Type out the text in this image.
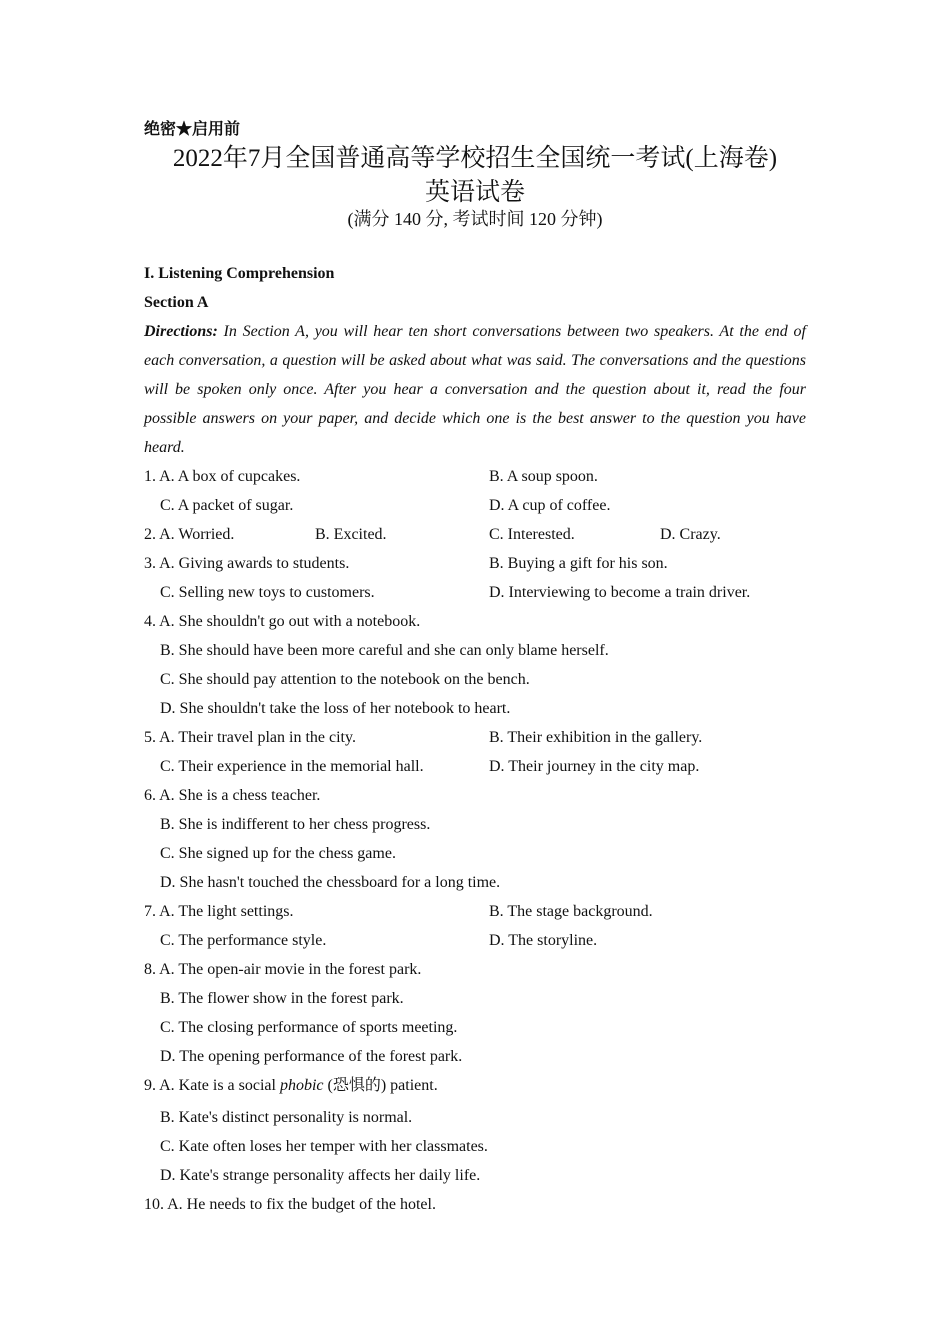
绝密★启用前
2022年7月全国普通高等学校招生全国统一考试(上海卷)
英语试卷
(满分 140 分, 考试时间 120 分钟)

I. Listening Comprehension

Section A

Directions: In Section A, you will hear ten short conversations between two speakers. At the end of each conversation, a question will be asked about what was said. The conversations and the questions will be spoken only once. After you hear a conversation and the question about it, read the four possible answers on your paper, and decide which one is the best answer to the question you have heard.

1. A. A box of cupcakes.	B. A soup spoon.
C. A packet of sugar.	D. A cup of coffee.
2. A. Worried.	B. Excited.	C. Interested.	D. Crazy.
3. A. Giving awards to students.	B. Buying a gift for his son.
C. Selling new toys to customers.	D. Interviewing to become a train driver.
4. A. She shouldn't go out with a notebook.
B. She should have been more careful and she can only blame herself.
C. She should pay attention to the notebook on the bench.
D. She shouldn't take the loss of her notebook to heart.
5. A. Their travel plan in the city.	B. Their exhibition in the gallery.
C. Their experience in the memorial hall.	D. Their journey in the city map.
6. A. She is a chess teacher.
B. She is indifferent to her chess progress.
C. She signed up for the chess game.
D. She hasn't touched the chessboard for a long time.
7. A. The light settings.	B. The stage background.
C. The performance style.	D. The storyline.
8. A. The open-air movie in the forest park.
B. The flower show in the forest park.
C. The closing performance of sports meeting.
D. The opening performance of the forest park.
9. A. Kate is a social phobic (恐惧的) patient.
B. Kate's distinct personality is normal.
C. Kate often loses her temper with her classmates.
D. Kate's strange personality affects her daily life.
10. A. He needs to fix the budget of the hotel.
